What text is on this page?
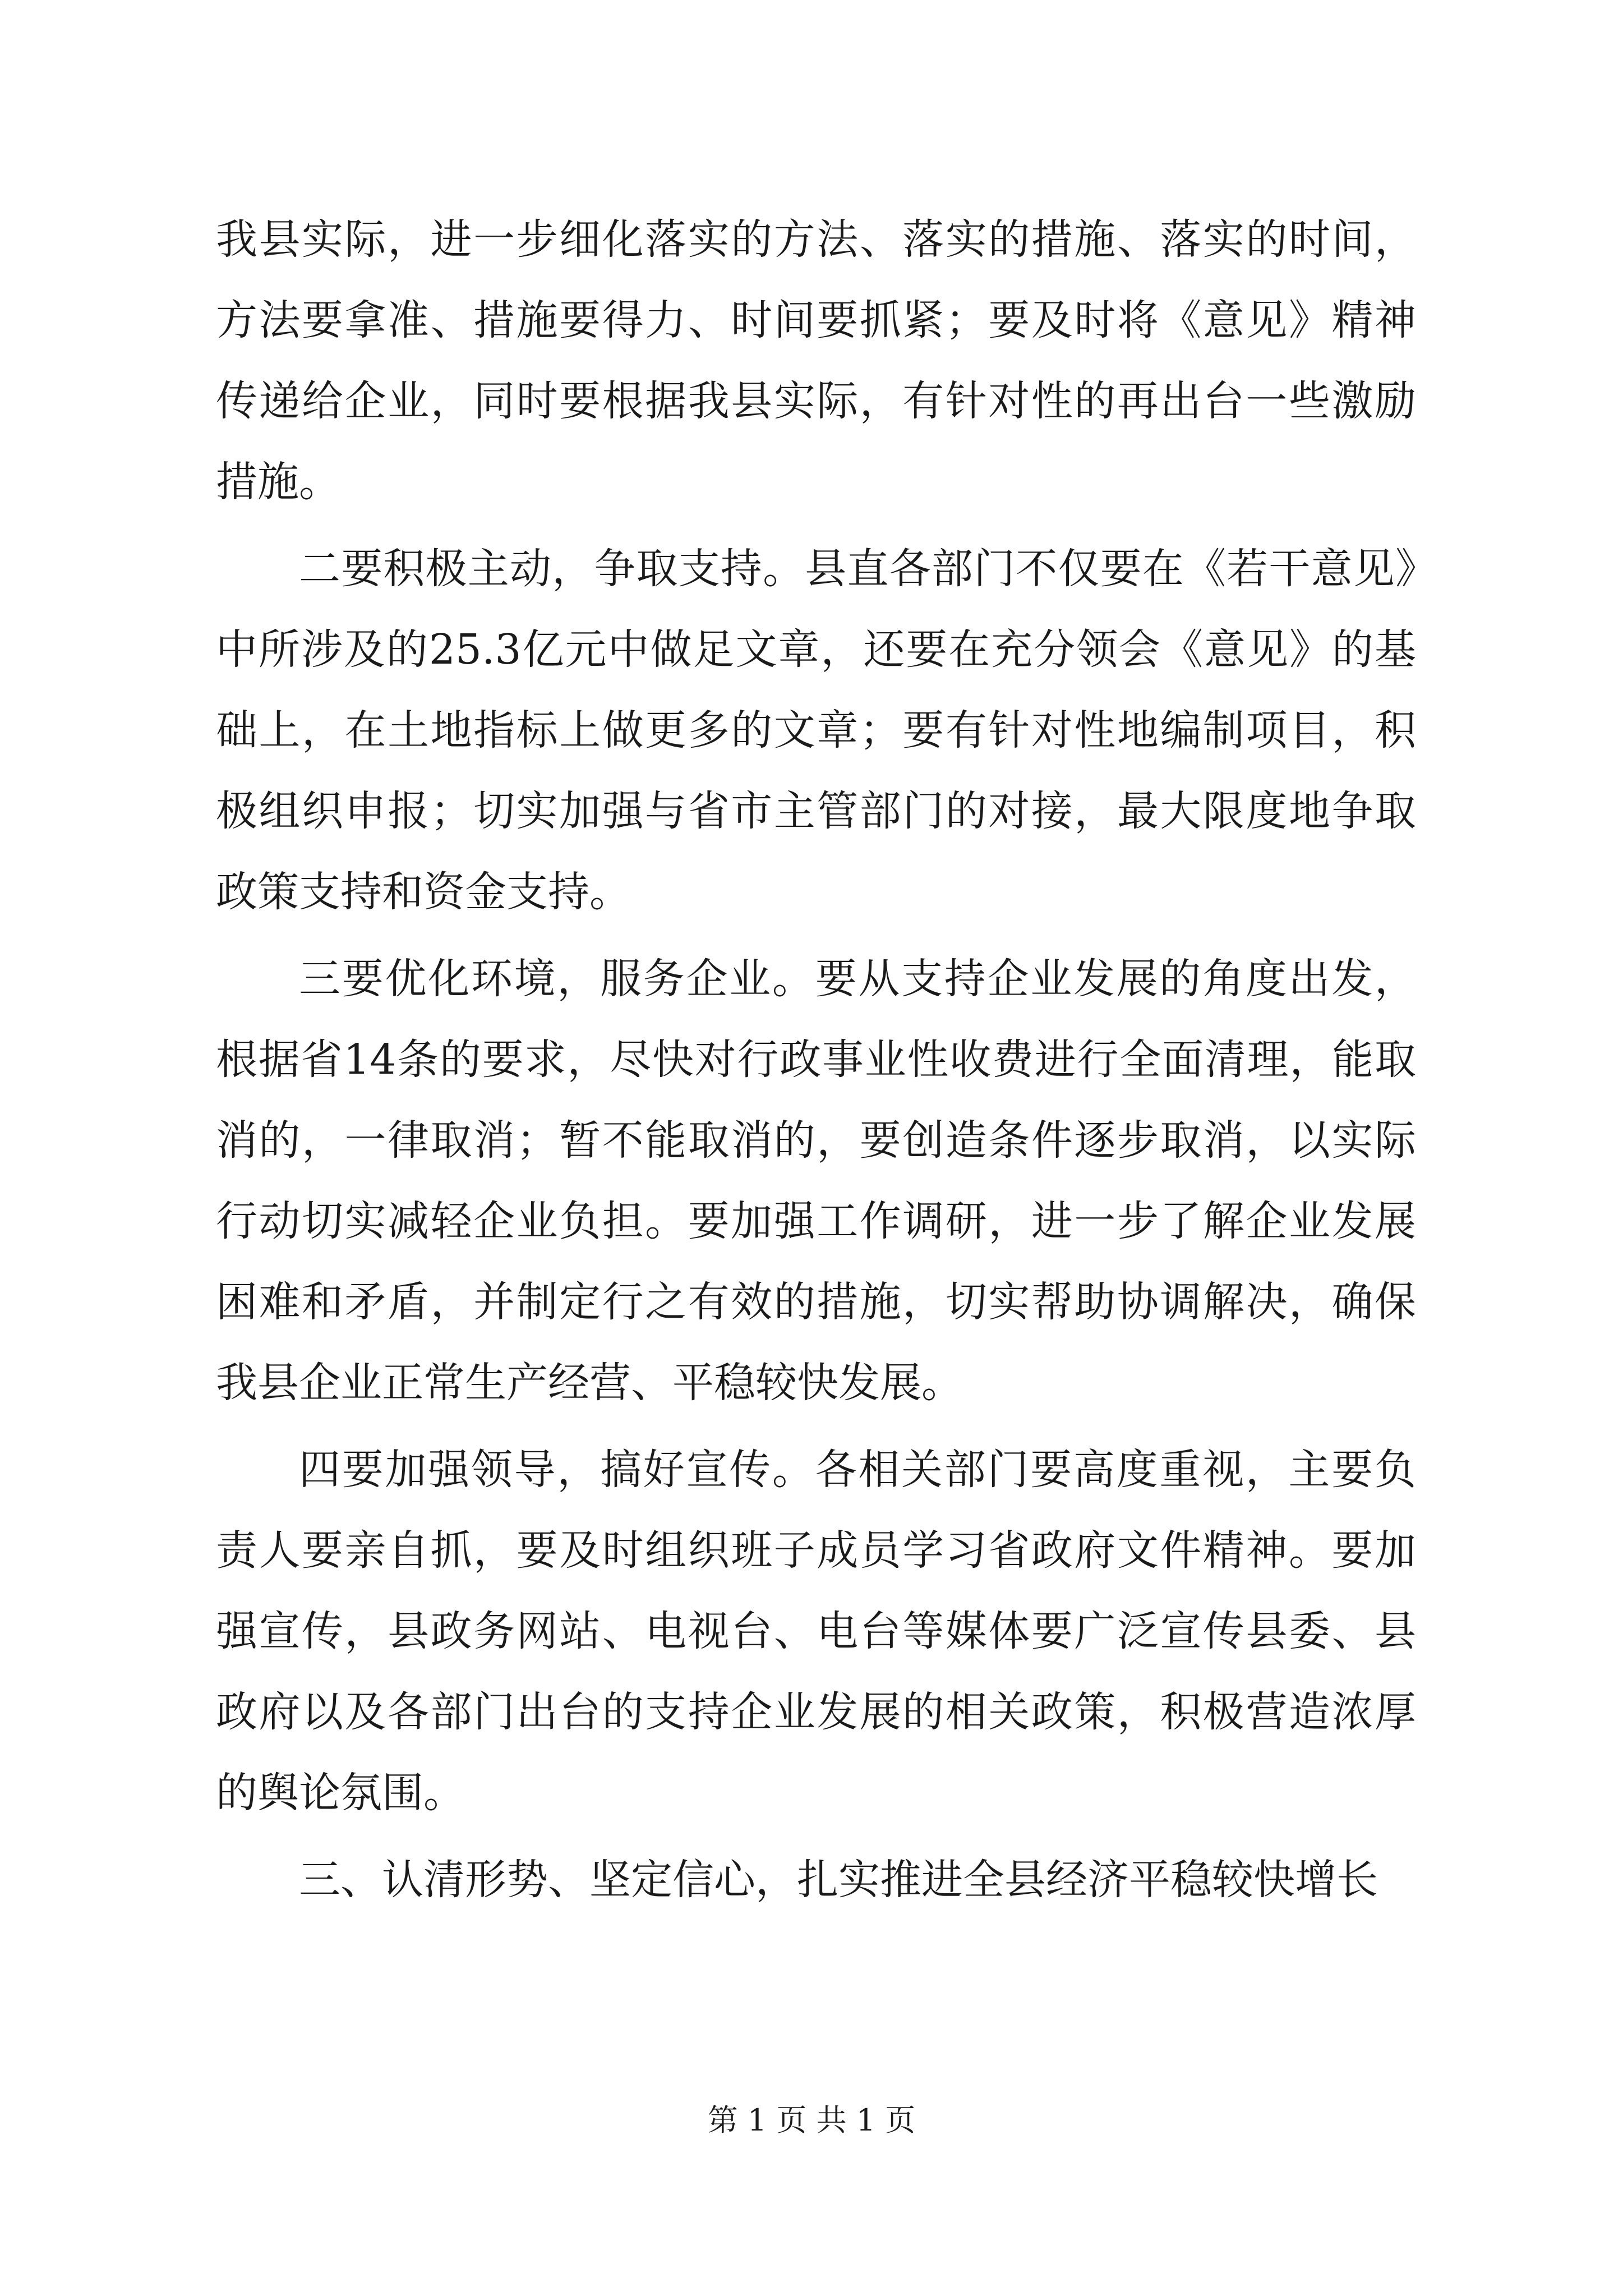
我县实际，进一步细化落实的方法、落实的措施、落实的时间，方法要拿准、措施要得力、时间要抓紧；要及时将《意见》精神传递给企业，同时要根据我县实际，有针对性的再出台一些激励措施。

二要积极主动，争取支持。县直各部门不仅要在《若干意见》中所涉及的25.3亿元中做足文章，还要在充分领会《意见》的基础上，在土地指标上做更多的文章；要有针对性地编制项目，积极组织申报；切实加强与省市主管部门的对接，最大限度地争取政策支持和资金支持。

三要优化环境，服务企业。要从支持企业发展的角度出发，根据省14条的要求，尽快对行政事业性收费进行全面清理，能取消的，一律取消；暂不能取消的，要创造条件逐步取消，以实际行动切实减轻企业负担。要加强工作调研，进一步了解企业发展困难和矛盾，并制定行之有效的措施，切实帮助协调解决，确保我县企业正常生产经营、平稳较快发展。

四要加强领导，搞好宣传。各相关部门要高度重视，主要负责人要亲自抓，要及时组织班子成员学习省政府文件精神。要加强宣传，县政务网站、电视台、电台等媒体要广泛宣传县委、县政府以及各部门出台的支持企业发展的相关政策，积极营造浓厚的舆论氛围。

三、认清形势、坚定信心，扎实推进全县经济平稳较快增长

第 1 页 共 1 页
